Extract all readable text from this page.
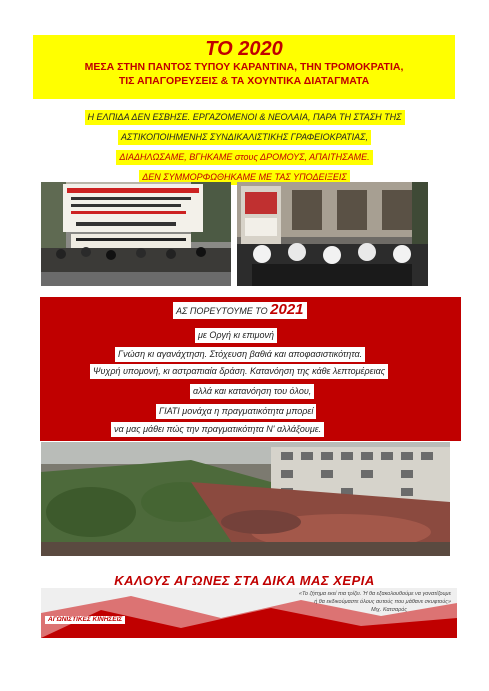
ΤΟ 2020
ΜΕΣΑ ΣΤΗΝ ΠΑΝΤΟΣ ΤΥΠΟΥ ΚΑΡΑΝΤΙΝΑ, ΤΗΝ ΤΡΟΜΟΚΡΑΤΙΑ,
ΤΙΣ ΑΠΑΓΟΡΕΥΣΕΙΣ & ΤΑ ΧΟΥΝΤΙΚΑ ΔΙΑΤΑΓΜΑΤΑ
Η ΕΛΠΙΔΑ ΔΕΝ ΕΣΒΗΣΕ. ΕΡΓΑΖΟΜΕΝΟΙ & ΝΕΟΛΑΙΑ, ΠΑΡΑ ΤΗ ΣΤΑΣΗ ΤΗΣ
ΑΣΤΙΚΟΠΟΙΗΜΕΝΗΣ ΣΥΝΔΙΚΑΛΙΣΤΙΚΗΣ ΓΡΑΦΕΙΟΚΡΑΤΙΑΣ,
ΔΙΑΔΗΛΩΣΑΜΕ, ΒΓΗΚΑΜΕ στους ΔΡΟΜΟΥΣ, ΑΠΑΙΤΗΣΑΜΕ.
ΔΕΝ ΣΥΜΜΟΡΦΩΘΗΚΑΜΕ ΜΕ ΤΑΣ ΥΠΟΔΕΙΞΕΙΣ
ΑΣ ΠΟΡΕΥΤΟΥΜΕ ΤΟ 2021
με Οργή κι επιμονή
Γνώση κι αγανάχτηση. Στόχευση βαθιά και αποφασιστικότητα.
Ψυχρή υπομονή, κι αστραπιαία δράση. Κατανόηση της κάθε λεπτομέρειας
αλλά και κατανόηση του όλου,
ΓΙΑΤΙ μονάχα η πραγματικότητα μπορεί
να μας μάθει πώς την πραγματικότητα Ν' αλλάξουμε.
ΚΑΛΟΥΣ ΑΓΩΝΕΣ ΣΤΑ ΔΙΚΑ ΜΑΣ ΧΕΡΙΑ
«Το ζήτημα εκεί πια τρίζει. Ή θα εξακολουθούμε να γονατίζουμε
ή θα εκδικούμαστε όλους αυτούς που μάθανε σκυφτούς»
Μιχ. Κατσαρός
ΑΓΩΝΙΣΤΙΚΕΣ ΚΙΝΗΣΕΙΣ
ΣΥΣΠΕΙΡΩΣΗ στους Ο.Τ.Α.
